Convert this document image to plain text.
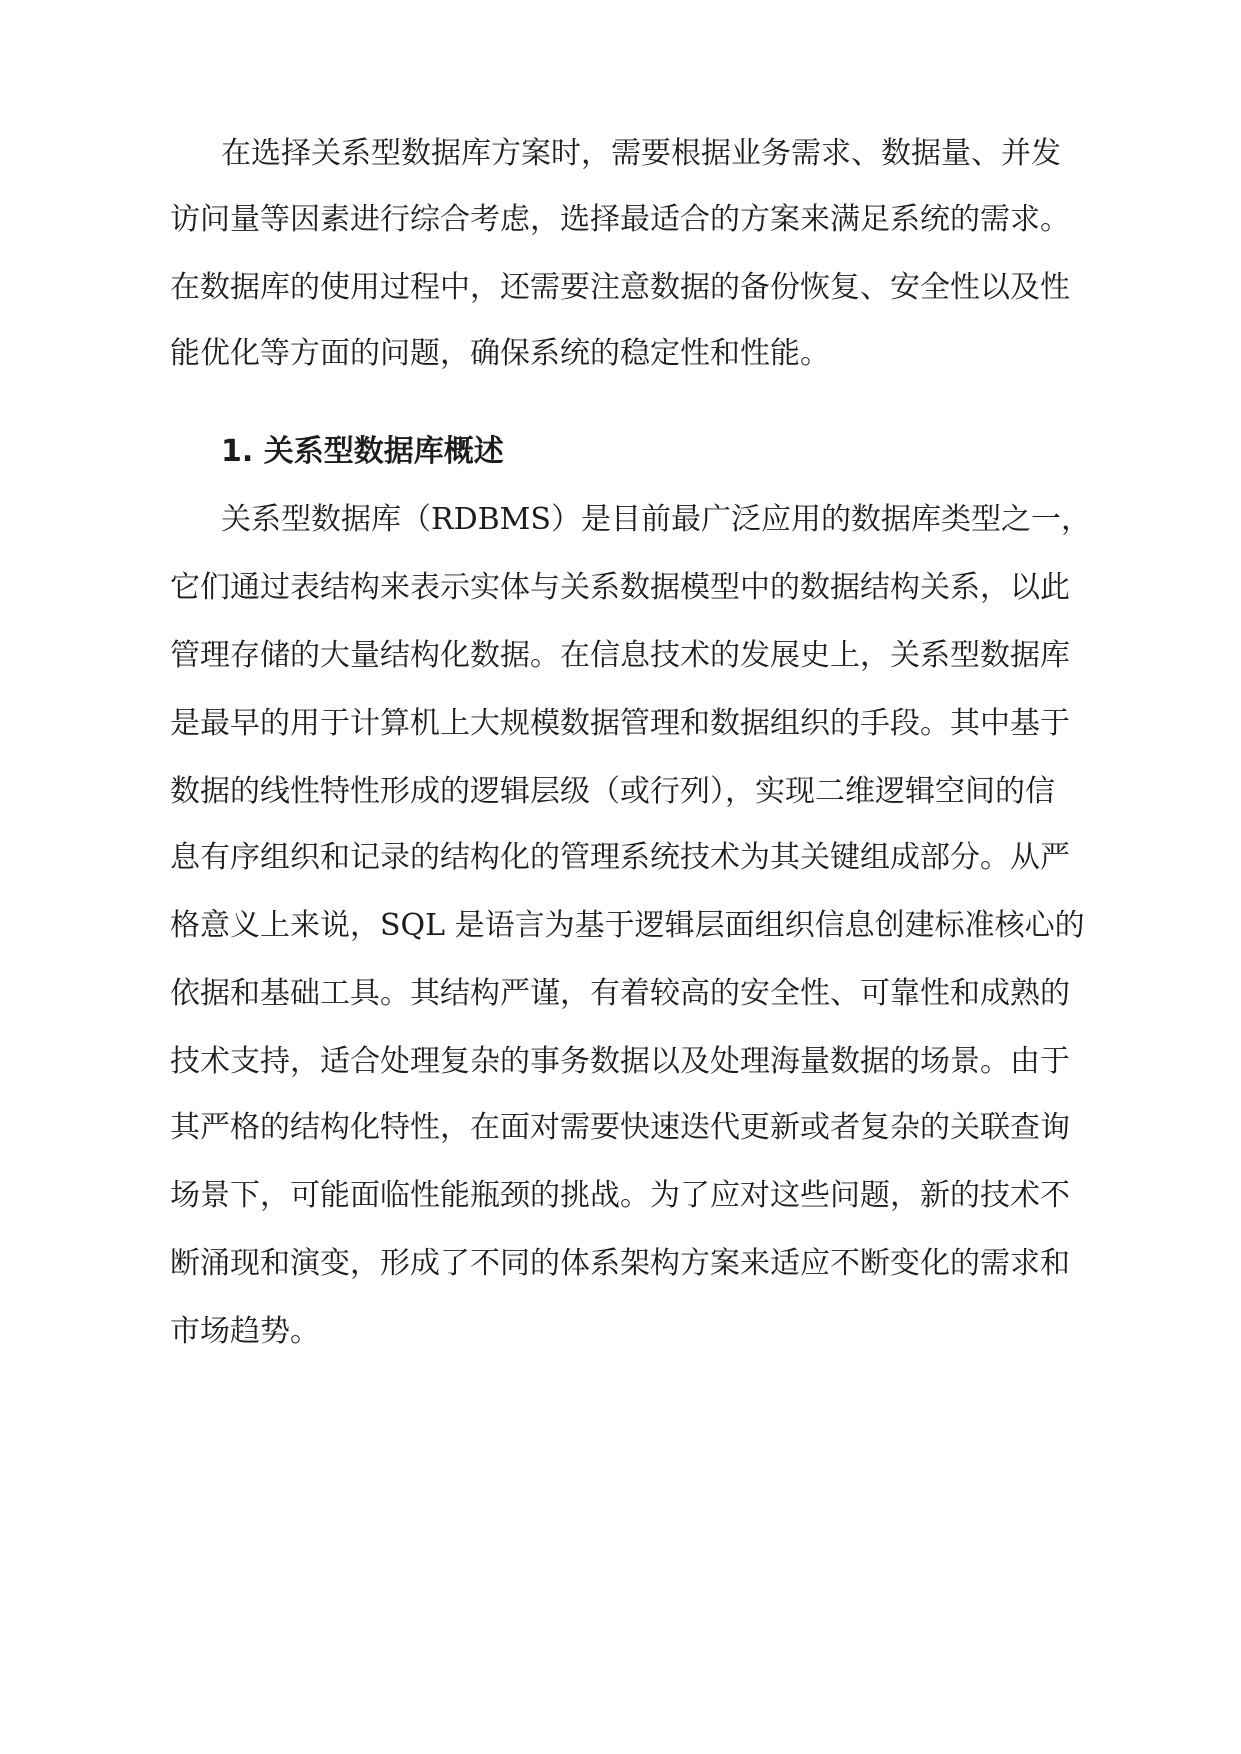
在选择关系型数据库方案时，需要根据业务需求、数据量、并发

访问量等因素进行综合考虑，选择最适合的方案来满足系统的需求。

在数据库的使用过程中，还需要注意数据的备份恢复、安全性以及性

能优化等方面的问题，确保系统的稳定性和性能。

1. 关系型数据库概述

关系型数据库（RDBMS）是目前最广泛应用的数据库类型之一，

它们通过表结构来表示实体与关系数据模型中的数据结构关系，以此

管理存储的大量结构化数据。在信息技术的发展史上，关系型数据库

是最早的用于计算机上大规模数据管理和数据组织的手段。其中基于

数据的线性特性形成的逻辑层级（或行列），实现二维逻辑空间的信

息有序组织和记录的结构化的管理系统技术为其关键组成部分。从严

格意义上来说，SQL 是语言为基于逻辑层面组织信息创建标准核心的

依据和基础工具。其结构严谨，有着较高的安全性、可靠性和成熟的

技术支持，适合处理复杂的事务数据以及处理海量数据的场景。由于

其严格的结构化特性，在面对需要快速迭代更新或者复杂的关联查询

场景下，可能面临性能瓶颈的挑战。为了应对这些问题，新的技术不

断涌现和演变，形成了不同的体系架构方案来适应不断变化的需求和

市场趋势。
